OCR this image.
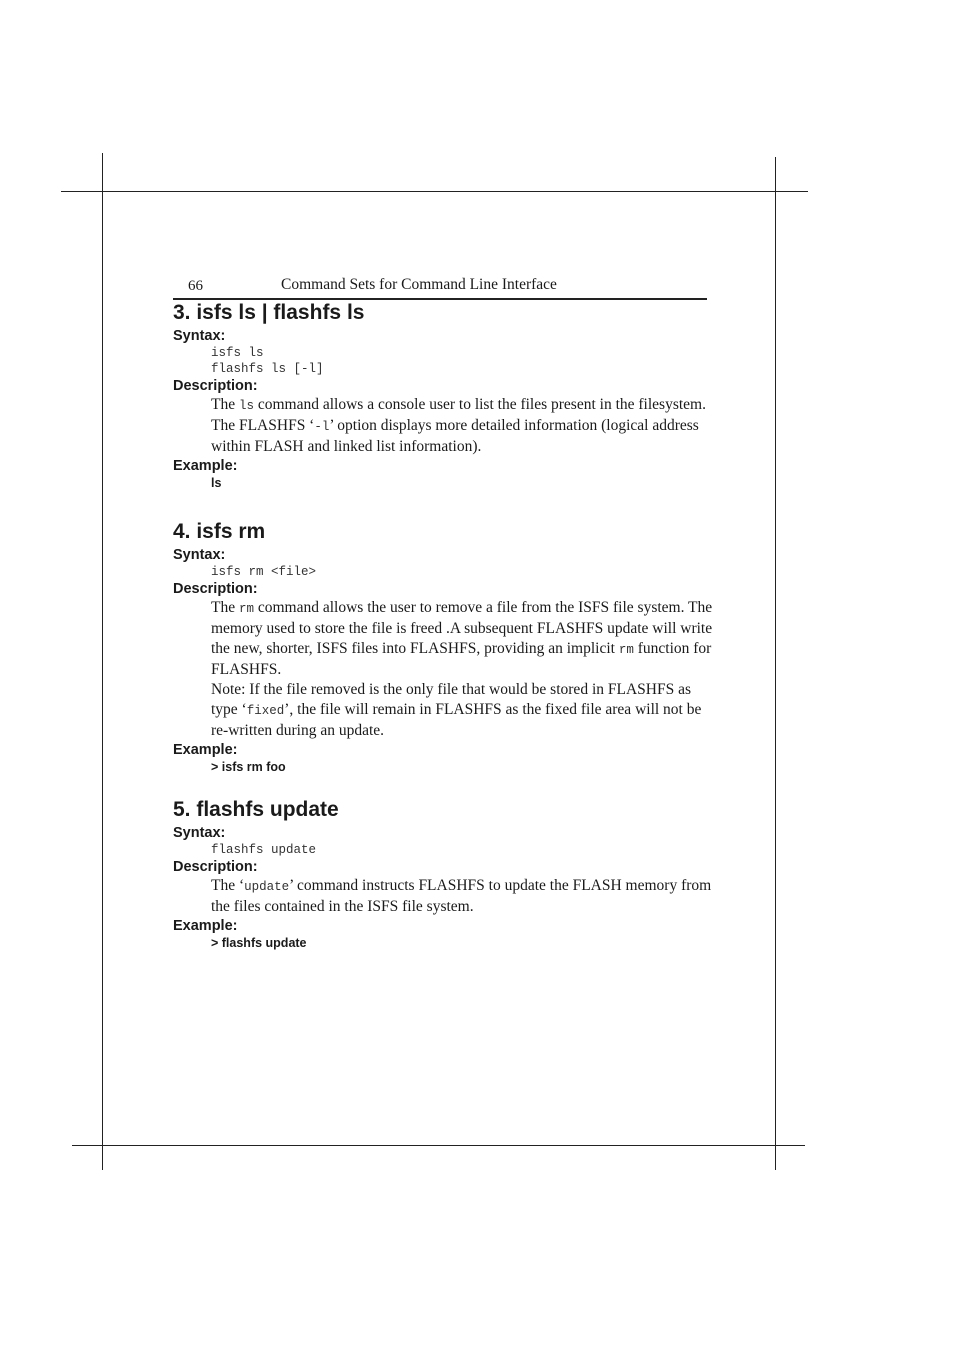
66	Command Sets for Command Line Interface
3. isfs ls | flashfs ls
Syntax:
isfs ls
flashfs ls [-l]
Description:

The ls command allows a console user to list the files present in the filesystem.

The FLASHFS ‘-l’ option displays more detailed information (logical address within FLASH and linked list information).

Example:
ls
4. isfs rm
Syntax:
isfs rm <file>
Description:

The rm command allows the user to remove a file from the ISFS file system. The memory used to store the file is freed .A subsequent FLASHFS update will write the new, shorter, ISFS files into FLASHFS, providing an implicit rm function for FLASHFS.

Note: If the file removed is the only file that would be stored in FLASHFS as type ‘fixed’, the file will remain in FLASHFS as the fixed file area will not be re-written during an update.

Example:
> isfs rm foo
5. flashfs update
Syntax:
flashfs update
Description:

The ‘update’ command instructs FLASHFS to update the FLASH memory from the files contained in the ISFS file system.

Example:
> flashfs update
